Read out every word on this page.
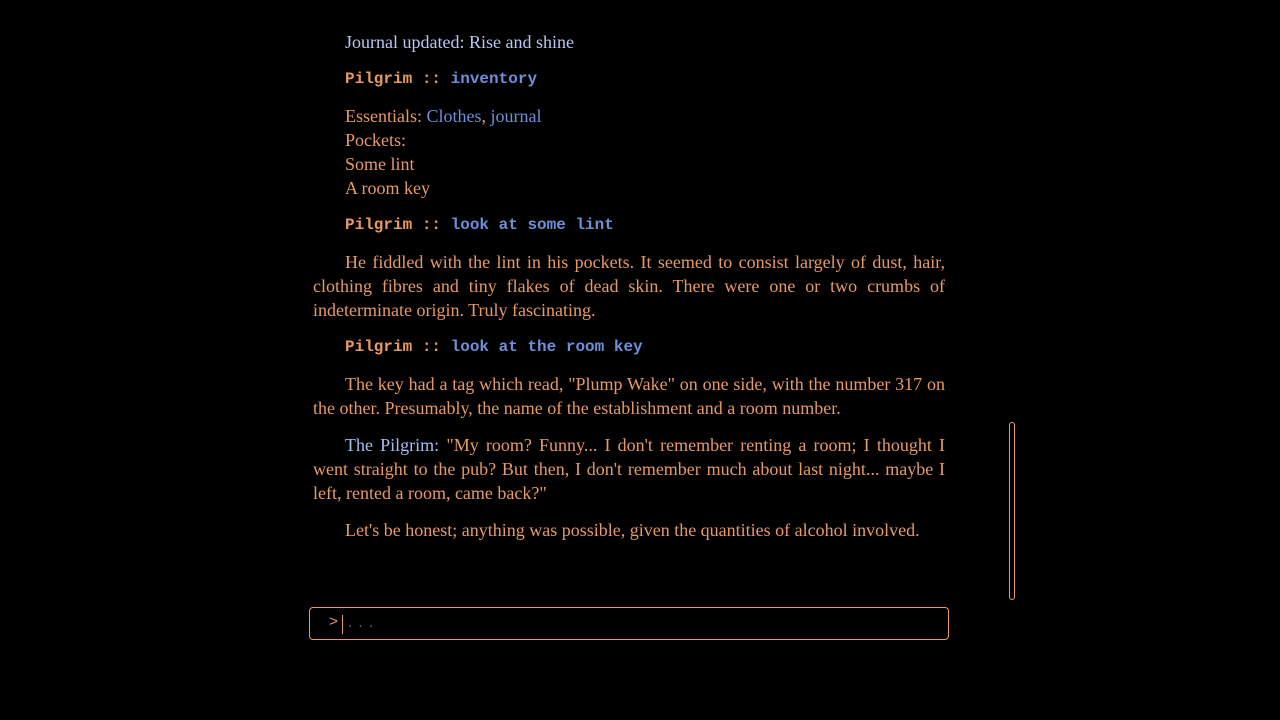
Journal updated: Rise and shine
Pilgrim :: inventory
Essentials: Clothes, journal
Pockets:
Some lint
A room key
Pilgrim :: look at some lint
He fiddled with the lint in his pockets. It seemed to consist largely of dust, hair, clothing fibres and tiny flakes of dead skin. There were one or two crumbs of indeterminate origin. Truly fascinating.
Pilgrim :: look at the room key
The key had a tag which read, "Plump Wake" on one side, with the number 317 on the other. Presumably, the name of the establishment and a room number.
The Pilgrim: "My room? Funny... I don't remember renting a room; I thought I went straight to the pub? But then, I don't remember much about last night... maybe I left, rented a room, came back?"
Let's be honest; anything was possible, given the quantities of alcohol involved.
>
...
